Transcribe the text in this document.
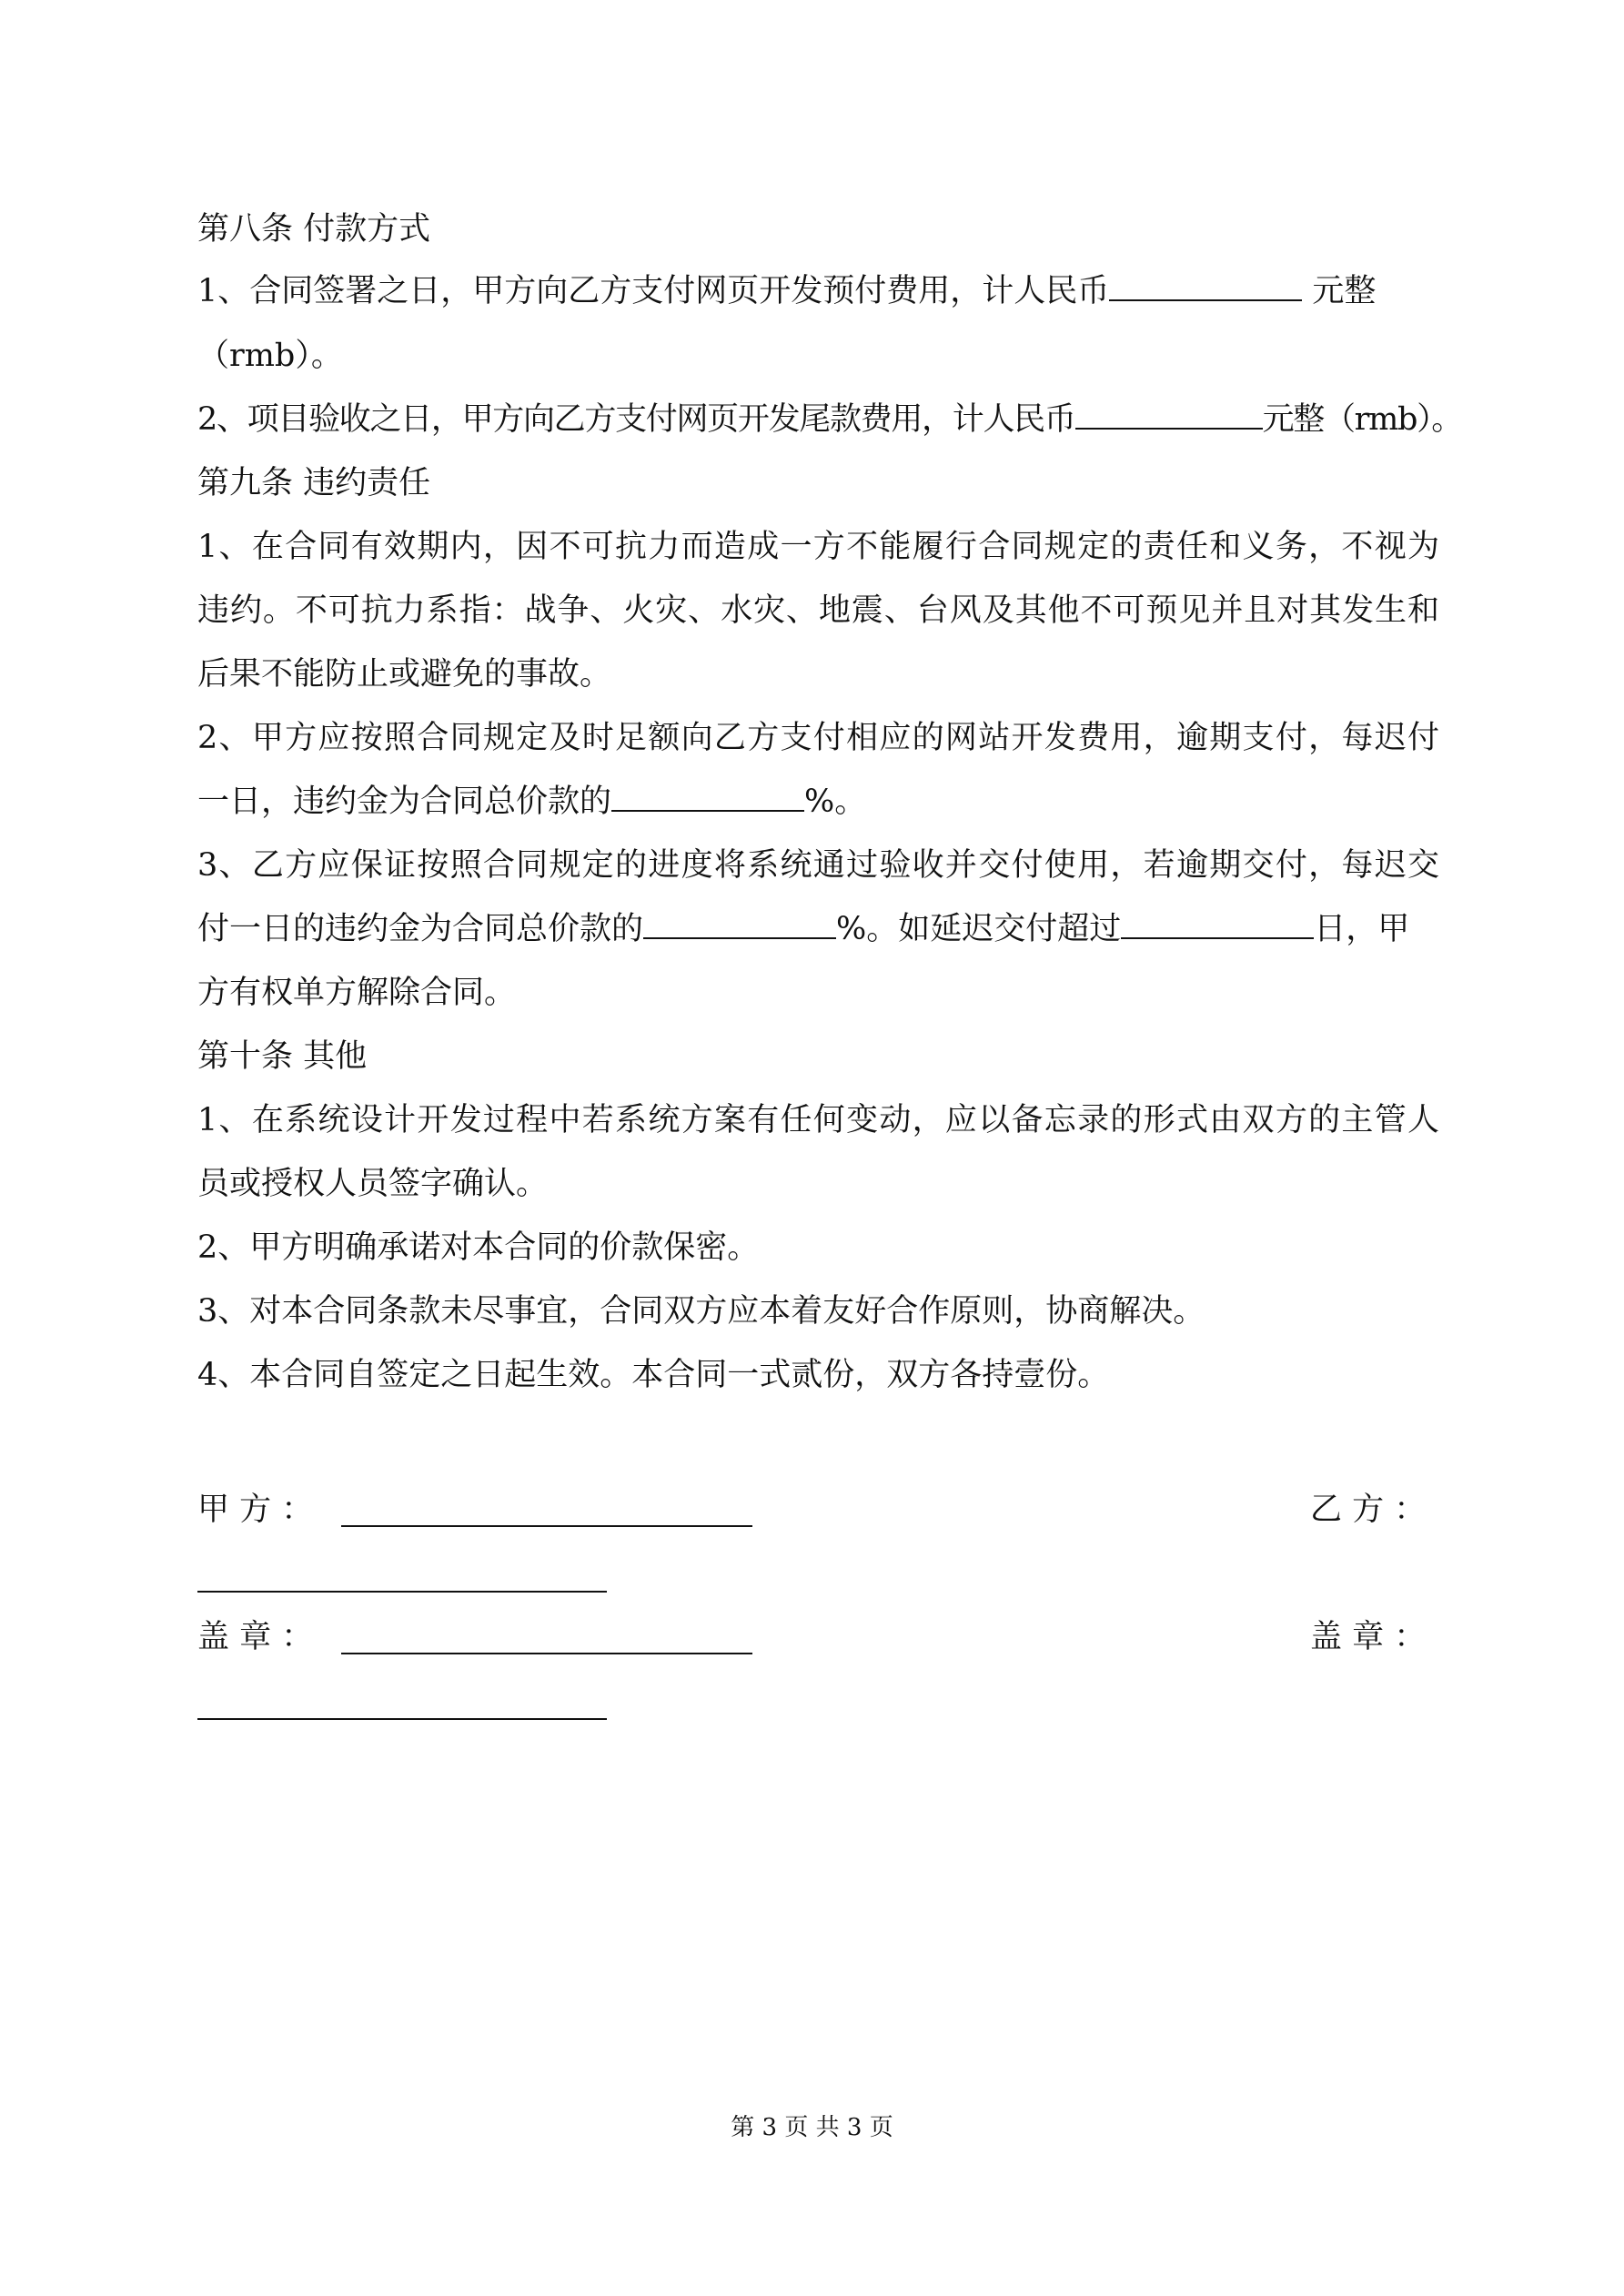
第八条 付款方式
1、合同签署之日，甲方向乙方支付网页开发预付费用，计人民币	元整
（rmb）。
2、项目验收之日，甲方向乙方支付网页开发尾款费用，计人民币	元整（rmb）。
第九条 违约责任
1、在合同有效期内，因不可抗力而造成一方不能履行合同规定的责任和义务，不视为
违约。不可抗力系指：战争、火灾、水灾、地震、台风及其他不可预见并且对其发生和
后果不能防止或避免的事故。
2、甲方应按照合同规定及时足额向乙方支付相应的网站开发费用，逾期支付，每迟付
一日，违约金为合同总价款的	%。
3、乙方应保证按照合同规定的进度将系统通过验收并交付使用，若逾期交付，每迟交
付一日的违约金为合同总价款的	%。如延迟交付超过	日，甲
方有权单方解除合同。
第十条 其他
1、在系统设计开发过程中若系统方案有任何变动，应以备忘录的形式由双方的主管人
员或授权人员签字确认。
2、甲方明确承诺对本合同的价款保密。
3、对本合同条款未尽事宜，合同双方应本着友好合作原则，协商解决。
4、本合同自签定之日起生效。本合同一式贰份，双方各持壹份。
甲 方 ：	乙 方 ：
盖 章 ：	盖 章 ：
第 3 页 共 3 页
